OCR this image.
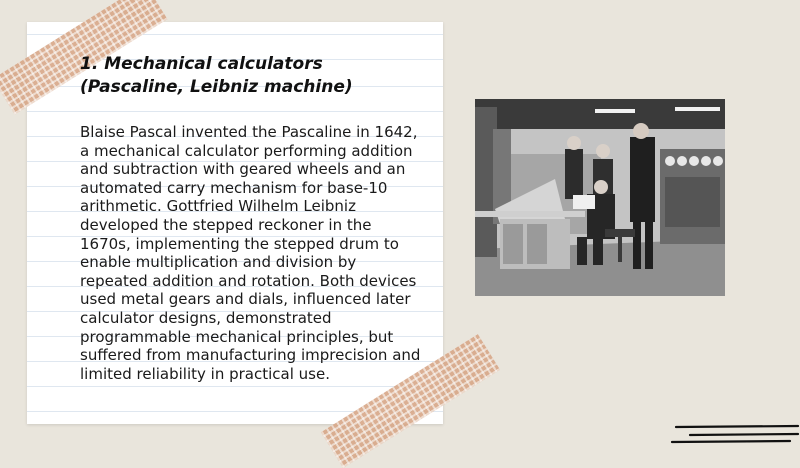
1. Mechanical calculators (Pascaline, Leibniz machine)
Blaise Pascal invented the Pascaline in 1642, a mechanical calculator performing addition and subtraction with geared wheels and an automated carry mechanism for base-10 arithmetic. Gottfried Wilhelm Leibniz developed the stepped reckoner in the 1670s, implementing the stepped drum to enable multiplication and division by repeated addition and rotation. Both devices used metal gears and dials, influenced later calculator designs, demonstrated programmable mechanical principles, but suffered from manufacturing imprecision and limited reliability in practical use.
